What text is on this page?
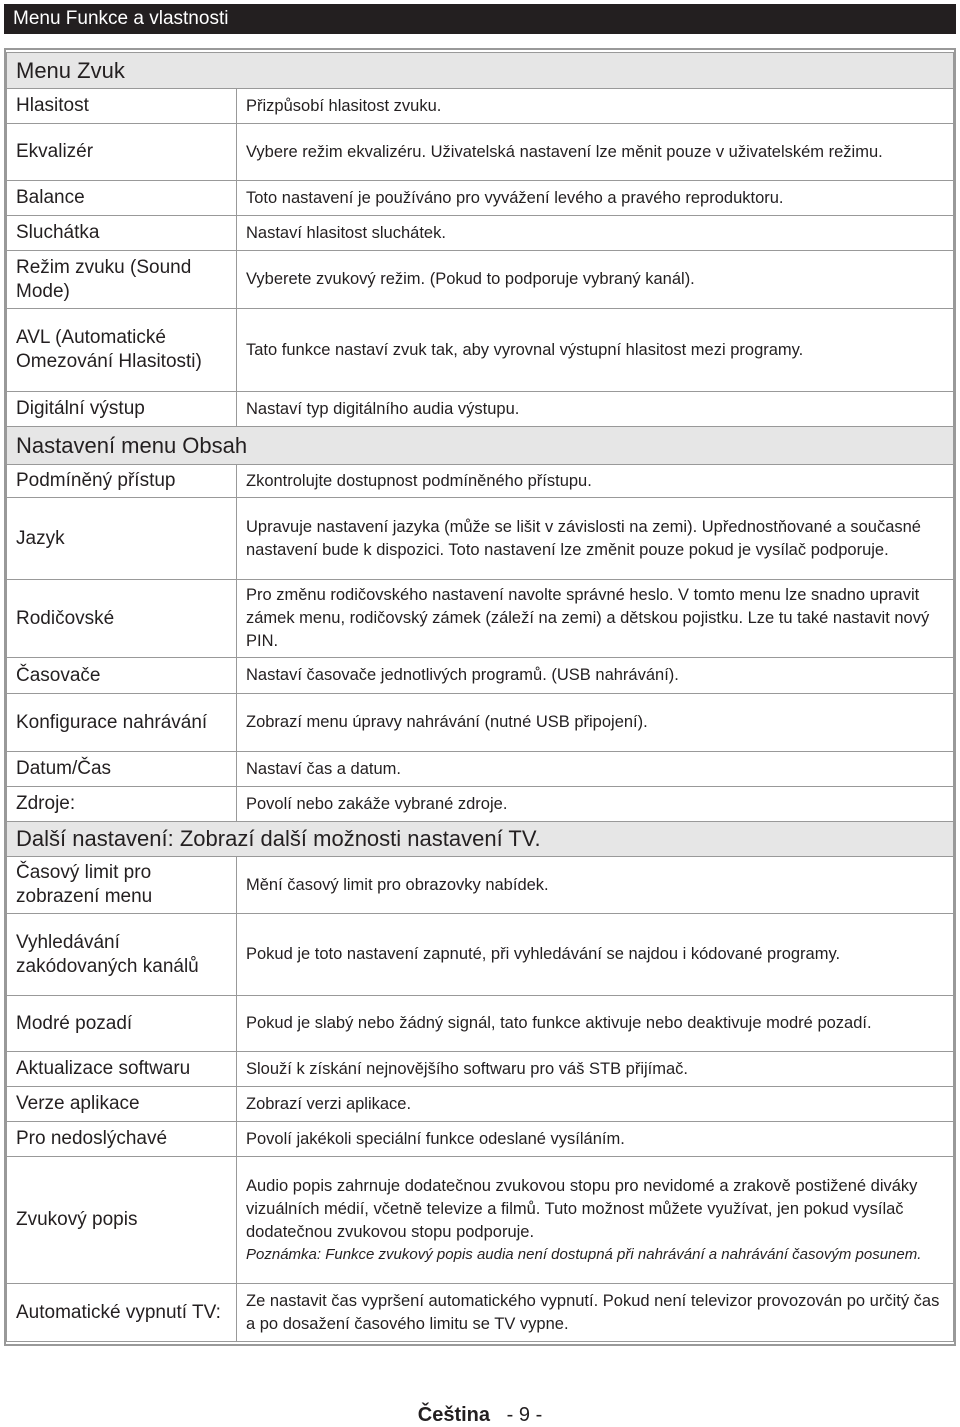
Menu Funkce a vlastnosti
Menu Zvuk	
Hlasitost	Přizpůsobí hlasitost zvuku.
Ekvalizér	Vybere režim ekvalizéru. Uživatelská nastavení lze měnit pouze v uživatelském režimu.
Balance	Toto nastavení je používáno pro vyvážení levého a pravého reproduktoru.
Sluchátka	Nastaví hlasitost sluchátek.
Režim zvuku (Sound Mode)	Vyberete zvukový režim. (Pokud to podporuje vybraný kanál).
AVL (Automatické Omezování Hlasitosti)	Tato funkce nastaví zvuk tak, aby vyrovnal výstupní hlasitost mezi programy.
Digitální výstup	Nastaví typ digitálního audia výstupu.
Nastavení menu Obsah	
Podmíněný přístup	Zkontrolujte dostupnost podmíněného přístupu.
Jazyk	Upravuje nastavení jazyka (může se lišit v závislosti na zemi). Upřednostňované a současné nastavení bude k dispozici. Toto nastavení lze změnit pouze pokud je vysílač podporuje.
Rodičovské	Pro změnu rodičovského nastavení navolte správné heslo. V tomto menu lze snadno upravit zámek menu, rodičovský zámek (záleží na zemi) a dětskou pojistku. Lze tu také nastavit nový PIN.
Časovače	Nastaví časovače jednotlivých programů. (USB nahrávání).
Konfigurace nahrávání	Zobrazí menu úpravy nahrávání (nutné USB připojení).
Datum/Čas	Nastaví čas a datum.
Zdroje:	Povolí nebo zakáže vybrané zdroje.
Další nastavení: Zobrazí další možnosti nastavení TV.	
Časový limit pro zobrazení menu	Mění časový limit pro obrazovky nabídek.
Vyhledávání zakódovaných kanálů	Pokud je toto nastavení zapnuté, při vyhledávání se najdou i kódované programy.
Modré pozadí	Pokud je slabý nebo žádný signál, tato funkce aktivuje nebo deaktivuje modré pozadí.
Aktualizace softwaru	Slouží k získání nejnovějšího softwaru pro váš STB přijímač.
Verze aplikace	Zobrazí verzi aplikace.
Pro nedoslýchavé	Povolí jakékoli speciální funkce odeslané vysíláním.
Zvukový popis	Audio popis zahrnuje dodatečnou zvukovou stopu pro nevidomé a zrakově postižené diváky vizuálních médií, včetně televize a filmů. Tuto možnost můžete využívat, jen pokud vysílač dodatečnou zvukovou stopu podporuje.
Poznámka: Funkce zvukový popis audia není dostupná při nahrávání a nahrávání časovým posunem.

Automatické vypnutí TV:	Ze nastavit čas vypršení automatického vypnutí. Pokud není televizor provozován po určitý čas a po dosažení časového limitu se TV vypne.
Čeština - 9 -
